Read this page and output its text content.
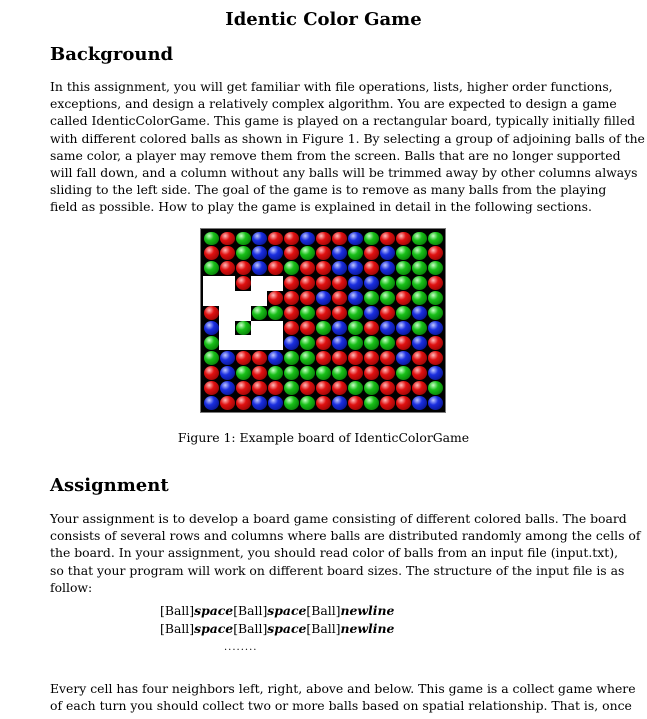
Identic Color Game
Background
In this assignment, you will get familiar with file operations, lists, higher order functions,
exceptions, and design a relatively complex algorithm. You are expected to design a game
called IdenticColorGame. This game is played on a rectangular board, typically initially filled
with different colored balls as shown in Figure 1. By selecting a group of adjoining balls of the
same color, a player may remove them from the screen. Balls that are no longer supported
will fall down, and a column without any balls will be trimmed away by other columns always
sliding to the left side. The goal of the game is to remove as many balls from the playing
field as possible. How to play the game is explained in detail in the following sections.
Figure 1: Example board of IdenticColorGame
Assignment
Your assignment is to develop a board game consisting of different colored balls. The board
consists of several rows and columns where balls are distributed randomly among the cells of
the board. In your assignment, you should read color of balls from an input file (input.txt),
so that your program will work on different board sizes. The structure of the input file is as
follow:
[Ball]space[Ball]space[Ball]newline
[Ball]space[Ball]space[Ball]newline
........
Every cell has four neighbors left, right, above and below. This game is a collect game where
of each turn you should collect two or more balls based on spatial relationship. That is, once
